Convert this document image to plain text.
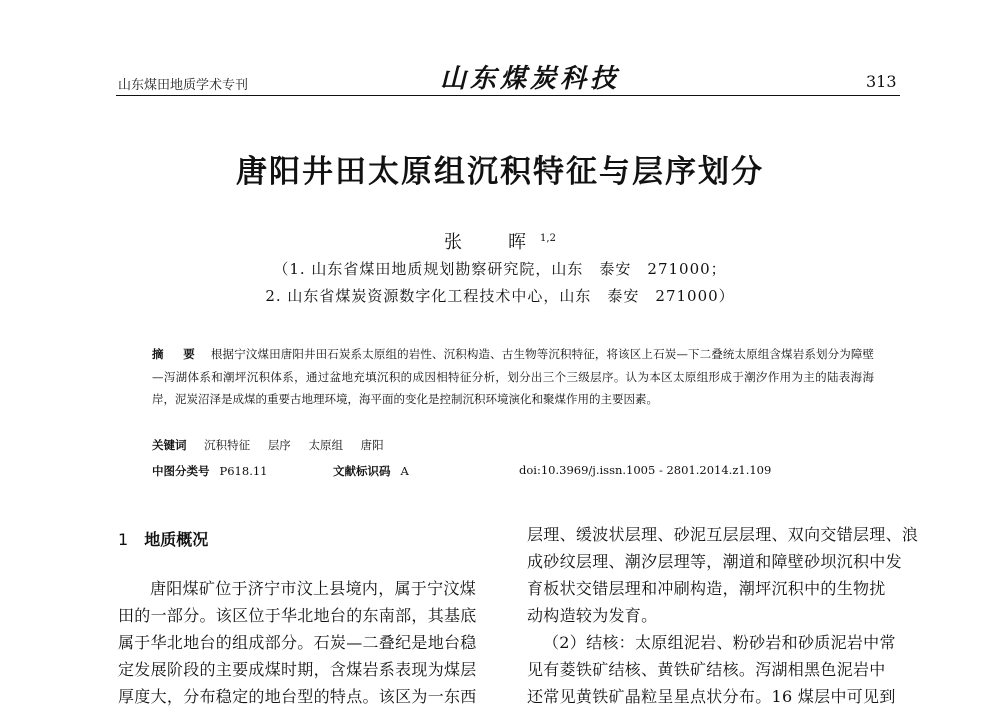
山东煤田地质学术专刊	山东煤炭科技	313
唐阳井田太原组沉积特征与层序划分
张　晖$^{1,2}$
（1. 山东省煤田地质规划勘察研究院，山东　泰安　271000；
2. 山东省煤炭资源数字化工程技术中心，山东　泰安　271000）

摘　要 根据宁汶煤田唐阳井田石炭系太原组的岩性、沉积构造、古生物等沉积特征，将该区上石炭—下二叠统太原组含煤岩系划分为障壁—泻湖体系和潮坪沉积体系，通过盆地充填沉积的成因相特征分析，划分出三个三级层序。认为本区太原组形成于潮汐作用为主的陆表海海岸，泥炭沼泽是成煤的重要古地理环境，海平面的变化是控制沉积环境演化和聚煤作用的主要因素。

关键词 沉积特征 层序 太原组 唐阳
中图分类号 P618.11	文献标识码 A	doi:10.3969/j.issn.1005 - 2801.2014.z1.109
1 地质概况
唐阳煤矿位于济宁市汶上县境内，属于宁汶煤
田的一部分。该区位于华北地台的东南部，其基底
属于华北地台的组成部分。石炭—二叠纪是地台稳
定发展阶段的主要成煤时期，含煤岩系表现为煤层
厚度大，分布稳定的地台型的特点。该区为一东西
层理、缓波状层理、砂泥互层层理、双向交错层理、浪
成砂纹层理、潮汐层理等，潮道和障壁砂坝沉积中发
育板状交错层理和冲刷构造，潮坪沉积中的生物扰
动构造较为发育。
（2）结核：太原组泥岩、粉砂岩和砂质泥岩中常
见有菱铁矿结核、黄铁矿结核。泻湖相黑色泥岩中
还常见黄铁矿晶粒呈星点状分布。16 煤层中可见到
